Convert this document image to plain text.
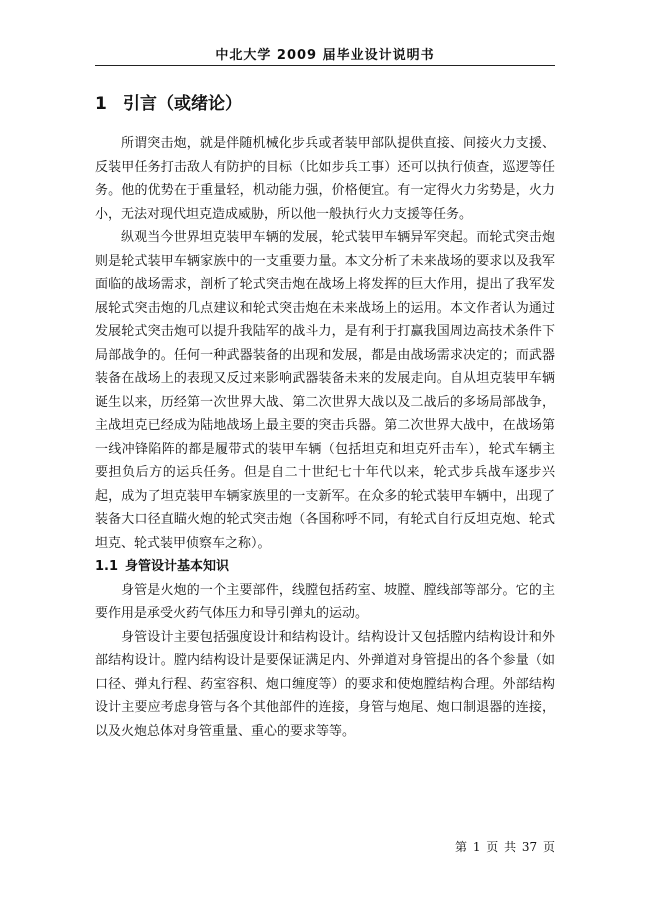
中北大学 2009 届毕业设计说明书
1 引言（或绪论）

所谓突击炮，就是伴随机械化步兵或者装甲部队提供直接、间接火力支援、反装甲任务打击敌人有防护的目标（比如步兵工事）还可以执行侦查，巡逻等任务。他的优势在于重量轻，机动能力强，价格便宜。有一定得火力劣势是，火力小，无法对现代坦克造成威胁，所以他一般执行火力支援等任务。

纵观当今世界坦克装甲车辆的发展，轮式装甲车辆异军突起。而轮式突击炮则是轮式装甲车辆家族中的一支重要力量。本文分析了未来战场的要求以及我军面临的战场需求，剖析了轮式突击炮在战场上将发挥的巨大作用，提出了我军发展轮式突击炮的几点建议和轮式突击炮在未来战场上的运用。本文作者认为通过发展轮式突击炮可以提升我陆军的战斗力，是有利于打赢我国周边高技术条件下局部战争的。任何一种武器装备的出现和发展，都是由战场需求决定的；而武器装备在战场上的表现又反过来影响武器装备未来的发展走向。自从坦克装甲车辆诞生以来，历经第一次世界大战、第二次世界大战以及二战后的多场局部战争，主战坦克已经成为陆地战场上最主要的突击兵器。第二次世界大战中，在战场第一线冲锋陷阵的都是履带式的装甲车辆（包括坦克和坦克歼击车），轮式车辆主要担负后方的运兵任务。但是自二十世纪七十年代以来，轮式步兵战车逐步兴起，成为了坦克装甲车辆家族里的一支新军。在众多的轮式装甲车辆中，出现了装备大口径直瞄火炮的轮式突击炮（各国称呼不同，有轮式自行反坦克炮、轮式坦克、轮式装甲侦察车之称）。

1.1 身管设计基本知识

身管是火炮的一个主要部件，线膛包括药室、坡膛、膛线部等部分。它的主要作用是承受火药气体压力和导引弹丸的运动。

身管设计主要包括强度设计和结构设计。结构设计又包括膛内结构设计和外部结构设计。膛内结构设计是要保证满足内、外弹道对身管提出的各个参量（如口径、弹丸行程、药室容积、炮口缠度等）的要求和使炮膛结构合理。外部结构设计主要应考虑身管与各个其他部件的连接，身管与炮尾、炮口制退器的连接，以及火炮总体对身管重量、重心的要求等等。

第 1 页 共 37 页
